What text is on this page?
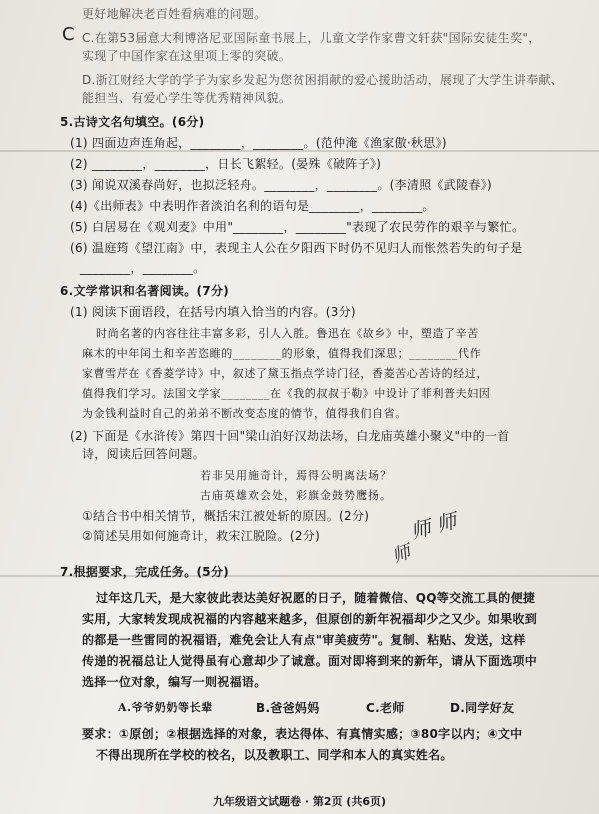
更好地解决老百姓看病难的问题。
C C.在第53届意大利博洛尼亚国际童书展上，儿童文学作家曹文轩获"国际安徒生奖"，
实现了中国作家在这里项上零的突破。
D.浙江财经大学的学子为家乡发起为您贫困捐献的爱心援助活动，展现了大学生讲奉献、
能担当、有爱心学生等优秀精神风貌。
5.古诗文名句填空。(6分)
(1) 四面边声连角起，________，________。(范仲淹《渔家傲·秋思》)
(2) ________，________，日长飞絮轻。(晏殊《破阵子》)
(3) 闻说双溪春尚好，也拟泛轻舟。________，________。(李清照《武陵春》)
(4)《出师表》中表明作者淡泊名利的语句是________，________。
(5) 白居易在《观刈麦》中用"________，________"表现了农民劳作的艰辛与繁忙。
(6) 温庭筠《望江南》中，表现主人公在夕阳西下时仍不见归人而怅然若失的句子是
________，________。
6.文学常识和名著阅读。(7分)
(1) 阅读下面语段，在括号内填入恰当的内容。(3分)
时尚名著的内容往往丰富多彩，引人入胜。鲁迅在《故乡》中，塑造了辛苦
麻木的中年闰土和辛苦恣睢的________的形象，值得我们深思；________代作
家曹雪芹在《香菱学诗》中，叙述了黛玉指点学诗门径，香菱苦心苦诗的经过，
值得我们学习。法国文学家________在《我的叔叔于勒》中设计了菲利普夫妇因
为金钱利益时自己的弟弟不断改变态度的情节，值得我们自省。
(2) 下面是《水浒传》第四十回"梁山泊好汉劫法场，白龙庙英雄小聚义"中的一首
诗，阅读后回答问题。
若非吴用施奇计，焉得公明离法场？
古庙英雄欢会处，彩旗金鼓势鹰扬。
①结合书中相关情节，概括宋江被处斩的原因。(2分)
②简述吴用如何施奇计，救宋江脱险。(2分)	师 师
师
7.根据要求，完成任务。(5分)
过年这几天，是大家彼此表达美好祝愿的日子，随着微信、QQ等交流工具的便捷
实用，大家转发现成祝福的内容越来越多，但原创的新年祝福却少之又少。如果收到
的都是一些雷同的祝福语，难免会让人有点"审美疲劳"。复制、粘贴、发送，这样
传递的祝福总让人觉得虽有心意却少了诚意。面对即将到来的新年，请从下面选项中
选择一位对象，编写一则祝福语。
A.爷爷奶奶等长辈	B.爸爸妈妈	C.老师	D.同学好友
要求：①原创；②根据选择的对象，表达得体、有真情实感；③80字以内；④文中
不得出现所在学校的校名，以及教职工、同学和本人的真实姓名。
九年级语文试题卷 · 第2页 (共6页)
